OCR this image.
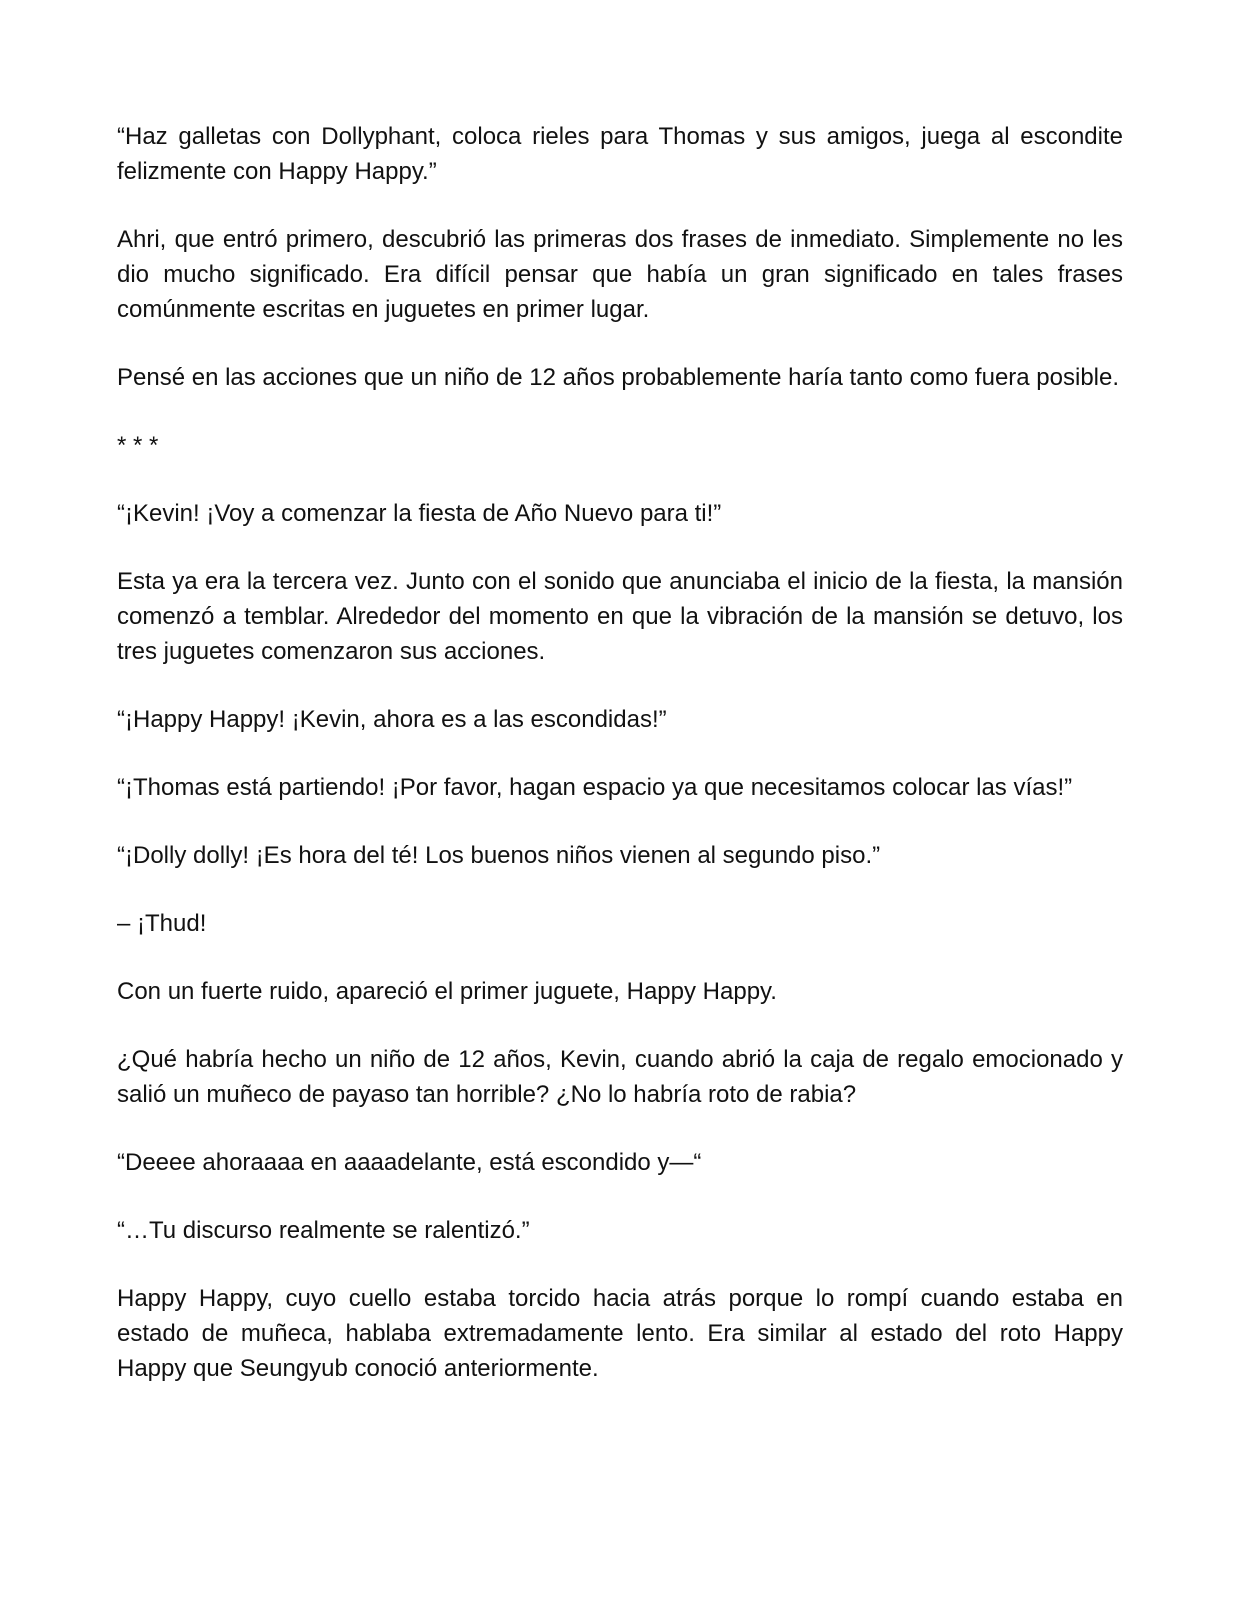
“Haz galletas con Dollyphant, coloca rieles para Thomas y sus amigos, juega al escondite felizmente con Happy Happy.”

Ahri, que entró primero, descubrió las primeras dos frases de inmediato. Simplemente no les dio mucho significado. Era difícil pensar que había un gran significado en tales frases comúnmente escritas en juguetes en primer lugar.

Pensé en las acciones que un niño de 12 años probablemente haría tanto como fuera posible.

* * *

“¡Kevin! ¡Voy a comenzar la fiesta de Año Nuevo para ti!”

Esta ya era la tercera vez. Junto con el sonido que anunciaba el inicio de la fiesta, la mansión comenzó a temblar. Alrededor del momento en que la vibración de la mansión se detuvo, los tres juguetes comenzaron sus acciones.

“¡Happy Happy! ¡Kevin, ahora es a las escondidas!”

“¡Thomas está partiendo! ¡Por favor, hagan espacio ya que necesitamos colocar las vías!”

“¡Dolly dolly! ¡Es hora del té! Los buenos niños vienen al segundo piso.”

– ¡Thud!

Con un fuerte ruido, apareció el primer juguete, Happy Happy.

¿Qué habría hecho un niño de 12 años, Kevin, cuando abrió la caja de regalo emocionado y salió un muñeco de payaso tan horrible? ¿No lo habría roto de rabia?

“Deeee ahoraaaa en aaaadelante, está escondido y—“

“…Tu discurso realmente se ralentizó.”

Happy Happy, cuyo cuello estaba torcido hacia atrás porque lo rompí cuando estaba en estado de muñeca, hablaba extremadamente lento. Era similar al estado del roto Happy Happy que Seungyub conoció anteriormente.
